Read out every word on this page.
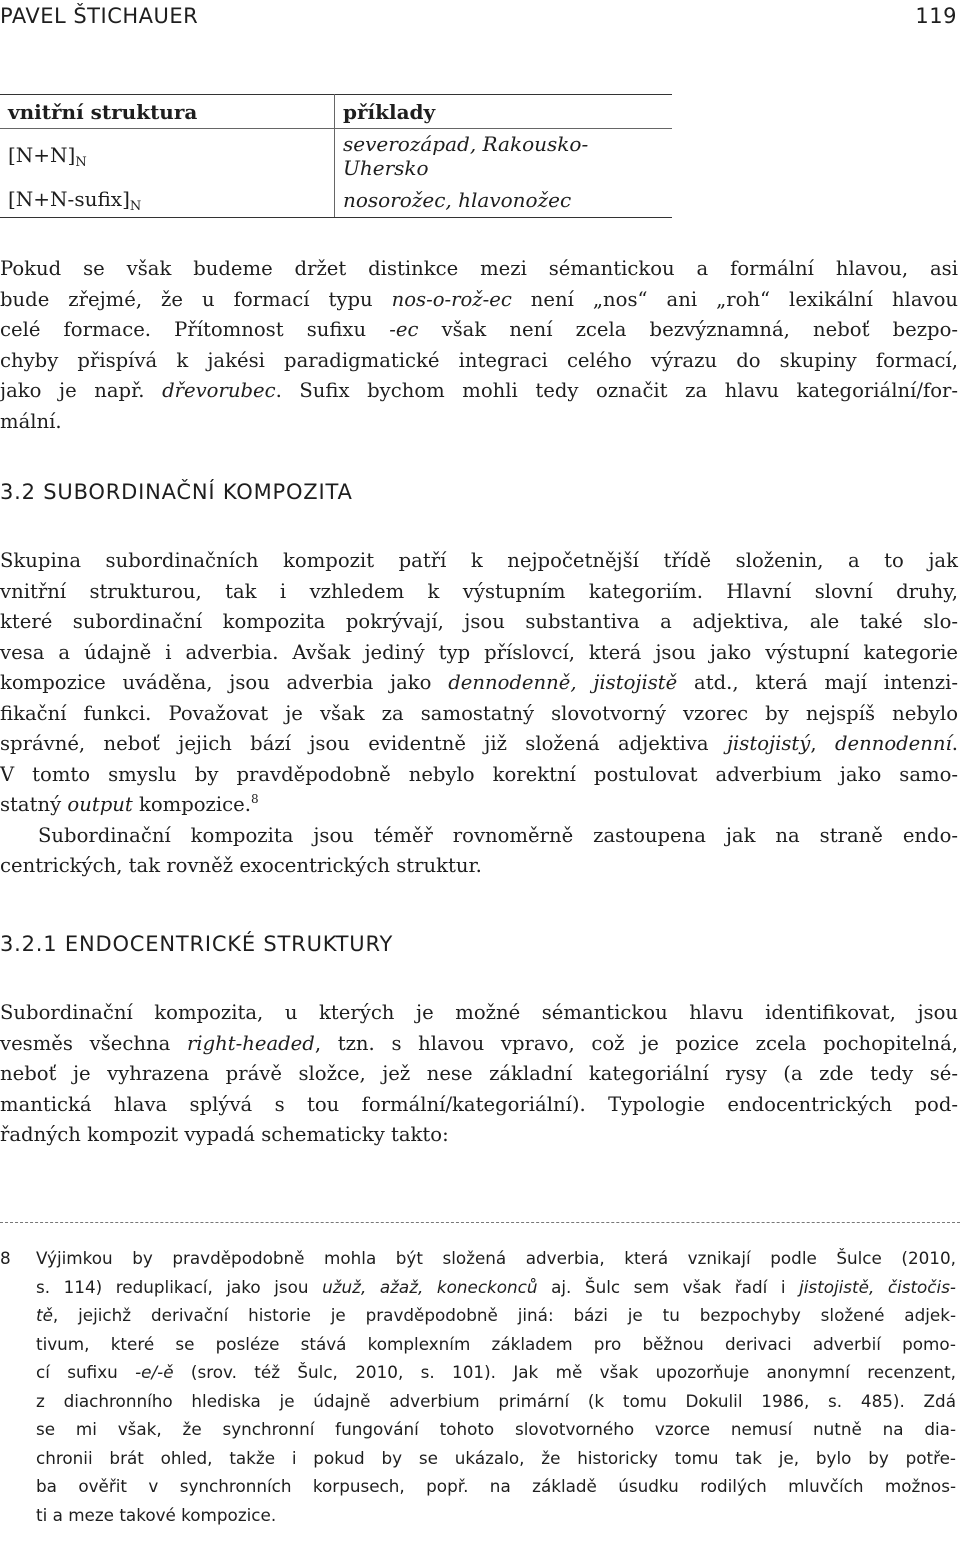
PAVEL ŠTICHAUER	119
vnitřní struktura	příklady
$[N+N]_N$	severozápad, Rakousko-Uhersko
$[N+N-sufix]_N$	nosorožec, hlavonožec
Pokud se však budeme držet distinkce mezi sémantickou a formální hlavou, asi
bude zřejmé, že u formací typu nos-o-rož-ec není „nos“ ani „roh“ lexikální hlavou
celé formace. Přítomnost sufixu -ec však není zcela bezvýznamná, neboť bezpo-
chyby přispívá k jakési paradigmatické integraci celého výrazu do skupiny formací,
jako je např. dřevorubec. Sufix bychom mohli tedy označit za hlavu kategoriální/for-
mální.
3.2 SUBORDINAČNÍ KOMPOZITA
Skupina subordinačních kompozit patří k nejpočetnější třídě složenin, a to jak
vnitřní strukturou, tak i vzhledem k výstupním kategoriím. Hlavní slovní druhy,
které subordinační kompozita pokrývají, jsou substantiva a adjektiva, ale také slo-
vesa a údajně i adverbia. Avšak jediný typ příslovcí, která jsou jako výstupní kategorie
kompozice uváděna, jsou adverbia jako dennodenně, jistojistě atd., která mají intenzi-
fikační funkci. Považovat je však za samostatný slovotvorný vzorec by nejspíš nebylo
správné, neboť jejich bází jsou evidentně již složená adjektiva jistojistý, dennodenní.
V tomto smyslu by pravděpodobně nebylo korektní postulovat adverbium jako samo-
statný output kompozice.$^8$
Subordinační kompozita jsou téměř rovnoměrně zastoupena jak na straně endo-
centrických, tak rovněž exocentrických struktur.
3.2.1 ENDOCENTRICKÉ STRUKTURY
Subordinační kompozita, u kterých je možné sémantickou hlavu identifikovat, jsou
vesměs všechna right-headed, tzn. s hlavou vpravo, což je pozice zcela pochopitelná,
neboť je vyhrazena právě složce, jež nese základní kategoriální rysy (a zde tedy sé-
mantická hlava splývá s tou formální/kategoriální). Typologie endocentrických pod-
řadných kompozit vypadá schematicky takto:
8 Výjimkou by pravděpodobně mohla být složená adverbia, která vznikají podle Šulce (2010,
s. 114) reduplikací, jako jsou užuž, ažaž, koneckonců aj. Šulc sem však řadí i jistojistě, čistočis-
tě, jejichž derivační historie je pravděpodobně jiná: bázi je tu bezpochyby složené adjek-
tivum, které se posléze stává komplexním základem pro běžnou derivaci adverbií pomo-
cí sufixu -e/-ě (srov. též Šulc, 2010, s. 101). Jak mě však upozorňuje anonymní recenzent,
z diachronního hlediska je údajně adverbium primární (k tomu Dokulil 1986, s. 485). Zdá
se mi však, že synchronní fungování tohoto slovotvorného vzorce nemusí nutně na dia-
chronii brát ohled, takže i pokud by se ukázalo, že historicky tomu tak je, bylo by potře-
ba ověřit v synchronních korpusech, popř. na základě úsudku rodilých mluvčích možnos-
ti a meze takové kompozice.
